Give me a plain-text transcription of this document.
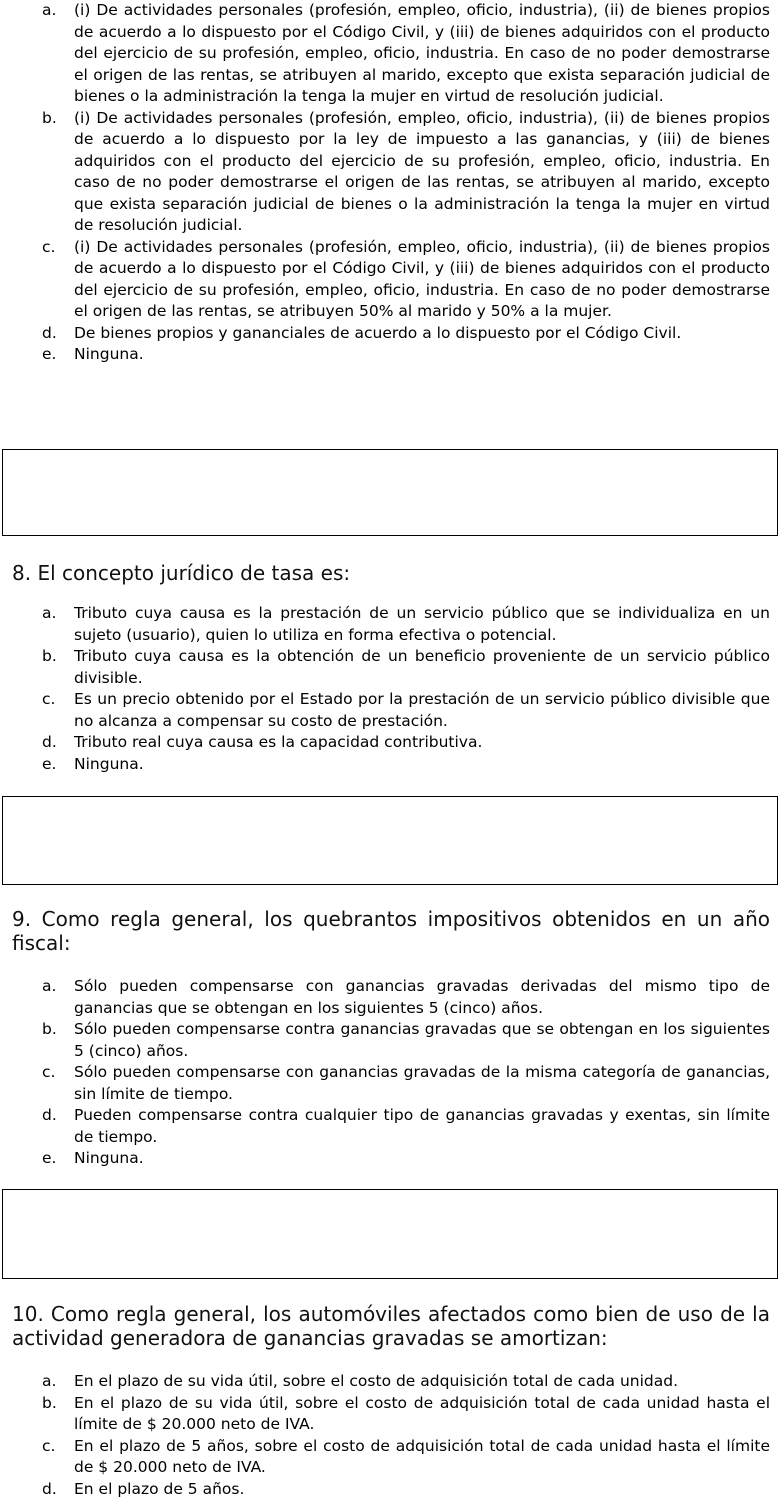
a. (i) De actividades personales (profesión, empleo, oficio, industria), (ii) de bienes propios de acuerdo a lo dispuesto por el Código Civil, y (iii) de bienes adquiridos con el producto del ejercicio de su profesión, empleo, oficio, industria. En caso de no poder demostrarse el origen de las rentas, se atribuyen al marido, excepto que exista separación judicial de bienes o la administración la tenga la mujer en virtud de resolución judicial.
b. (i) De actividades personales (profesión, empleo, oficio, industria), (ii) de bienes propios de acuerdo a lo dispuesto por la ley de impuesto a las ganancias, y (iii) de bienes adquiridos con el producto del ejercicio de su profesión, empleo, oficio, industria. En caso de no poder demostrarse el origen de las rentas, se atribuyen al marido, excepto que exista separación judicial de bienes o la administración la tenga la mujer en virtud de resolución judicial.
c. (i) De actividades personales (profesión, empleo, oficio, industria), (ii) de bienes propios de acuerdo a lo dispuesto por el Código Civil, y (iii) de bienes adquiridos con el producto del ejercicio de su profesión, empleo, oficio, industria. En caso de no poder demostrarse el origen de las rentas, se atribuyen 50% al marido y 50% a la mujer.
d. De bienes propios y gananciales de acuerdo a lo dispuesto por el Código Civil.
e. Ninguna.
8. El concepto jurídico de tasa es:
a. Tributo cuya causa es la prestación de un servicio público que se individualiza en un sujeto (usuario), quien lo utiliza en forma efectiva o potencial.
b. Tributo cuya causa es la obtención de un beneficio proveniente de un servicio público divisible.
c. Es un precio obtenido por el Estado por la prestación de un servicio público divisible que no alcanza a compensar su costo de prestación.
d. Tributo real cuya causa es la capacidad contributiva.
e. Ninguna.
9. Como regla general, los quebrantos impositivos obtenidos en un año fiscal:
a. Sólo pueden compensarse con ganancias gravadas derivadas del mismo tipo de ganancias que se obtengan en los siguientes 5 (cinco) años.
b. Sólo pueden compensarse contra ganancias gravadas que se obtengan en los siguientes 5 (cinco) años.
c. Sólo pueden compensarse con ganancias gravadas de la misma categoría de ganancias, sin límite de tiempo.
d. Pueden compensarse contra cualquier tipo de ganancias gravadas y exentas, sin límite de tiempo.
e. Ninguna.
10. Como regla general, los automóviles afectados como bien de uso de la actividad generadora de ganancias gravadas se amortizan:
a. En el plazo de su vida útil, sobre el costo de adquisición total de cada unidad.
b. En el plazo de su vida útil, sobre el costo de adquisición total de cada unidad hasta el límite de $ 20.000 neto de IVA.
c. En el plazo de 5 años, sobre el costo de adquisición total de cada unidad hasta el límite de $ 20.000 neto de IVA.
d. En el plazo de 5 años.
